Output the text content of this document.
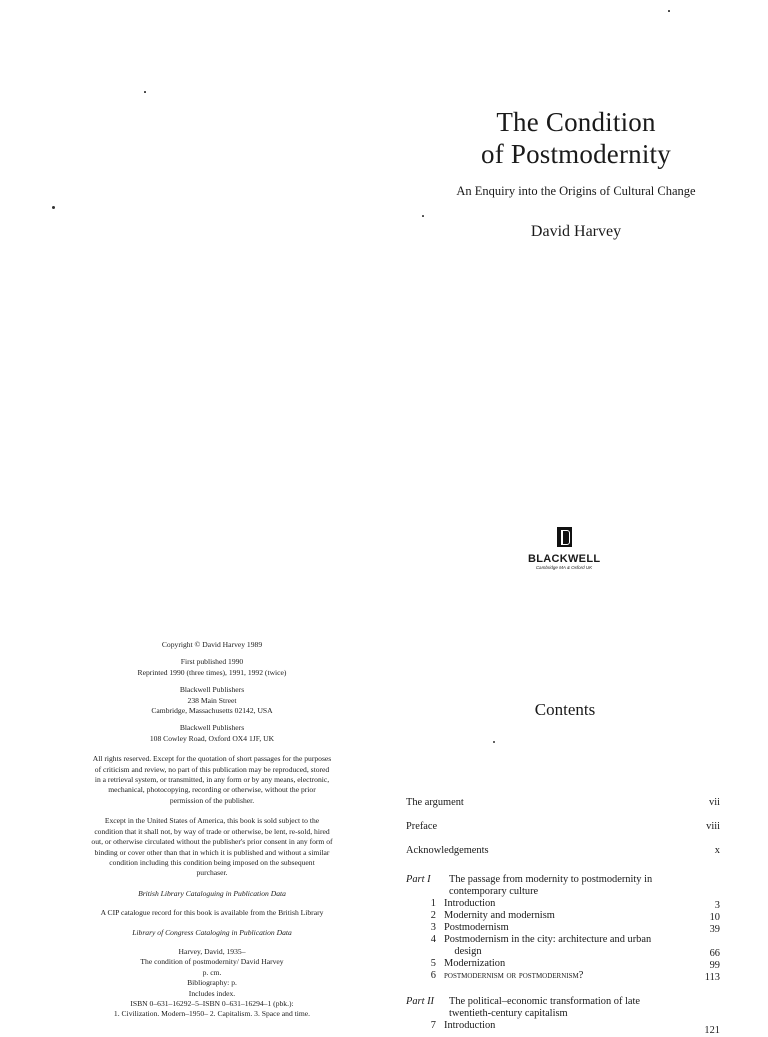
The Condition
of Postmodernity
An Enquiry into the Origins of Cultural Change
David Harvey
BLACKWELL
Cambridge MA & Oxford UK
Copyright © David Harvey 1989
First published 1990
Reprinted 1990 (three times), 1991, 1992 (twice)
Blackwell Publishers
238 Main Street
Cambridge, Massachusetts 02142, USA
Blackwell Publishers
108 Cowley Road, Oxford OX4 1JF, UK
All rights reserved. Except for the quotation of short passages for the purposes
of criticism and review, no part of this publication may be reproduced, stored
in a retrieval system, or transmitted, in any form or by any means, electronic,
mechanical, photocopying, recording or otherwise, without the prior
permission of the publisher.
Except in the United States of America, this book is sold subject to the
condition that it shall not, by way of trade or otherwise, be lent, re-sold, hired
out, or otherwise circulated without the publisher's prior consent in any form of
binding or cover other than that in which it is published and without a similar
condition including this condition being imposed on the subsequent
purchaser.
British Library Cataloguing in Publication Data
A CIP catalogue record for this book is available from the British Library
Library of Congress Cataloging in Publication Data
Harvey, David, 1935–
The condition of postmodernity/ David Harvey
p. cm.
Bibliography: p.
Includes index.
ISBN 0–631–16292–5–ISBN 0–631–16294–1 (pbk.):
1. Civilization. Modern–1950– 2. Capitalism. 3. Space and time.
Contents
The argument	vii
Preface	viii
Acknowledgements	x
Part I The passage from modernity to postmodernity in
contemporary culture
1 Introduction	3
2 Modernity and modernism	10
3 Postmodernism	39
4 Postmodernism in the city: architecture and urban
design	66
5 Modernization	99
6 postmodernism or postmodernism?	113
Part II The political–economic transformation of late
twentieth-century capitalism
7 Introduction	121
